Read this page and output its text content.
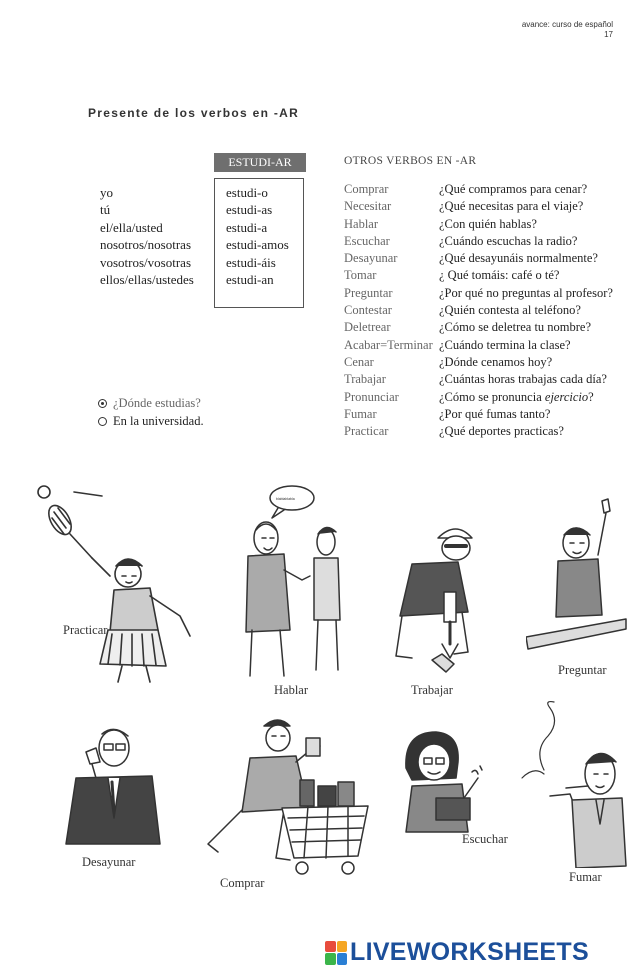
avance: curso de español
17
Presente de los verbos en -AR
yo
tú
el/ella/usted
nosotros/nosotras
vosotros/vosotras
ellos/ellas/ustedes
ESTUDI-AR
estudi-o
estudi-as
estudi-a
estudi-amos
estudi-áis
estudi-an
OTROS VERBOS EN -AR
Comprar
Necesitar
Hablar
Escuchar
Desayunar
Tomar
Preguntar
Contestar
Deletrear
Acabar=Terminar
Cenar
Trabajar
Pronunciar
Fumar
Practicar
¿Qué compramos para cenar?
¿Qué necesitas para el viaje?
¿Con quién hablas?
¿Cuándo escuchas la radio?
¿Qué desayunáis normalmente?
¿ Qué tomáis: café o té?
¿Por qué no preguntas al profesor?
¿Quién contesta al teléfono?
¿Cómo se deletrea tu nombre?
¿Cuándo termina la clase?
¿Dónde cenamos hoy?
¿Cuántas horas trabajas cada día?
¿Cómo se pronuncia ejercicio?
¿Por qué fumas tanto?
¿Qué deportes practicas?
¿Dónde estudias?
En la universidad.
Practicar
blablablabla
Hablar	Trabajar
Preguntar
Desayunar
Comprar
Escuchar
Fumar
LIVEWORKSHEETS
